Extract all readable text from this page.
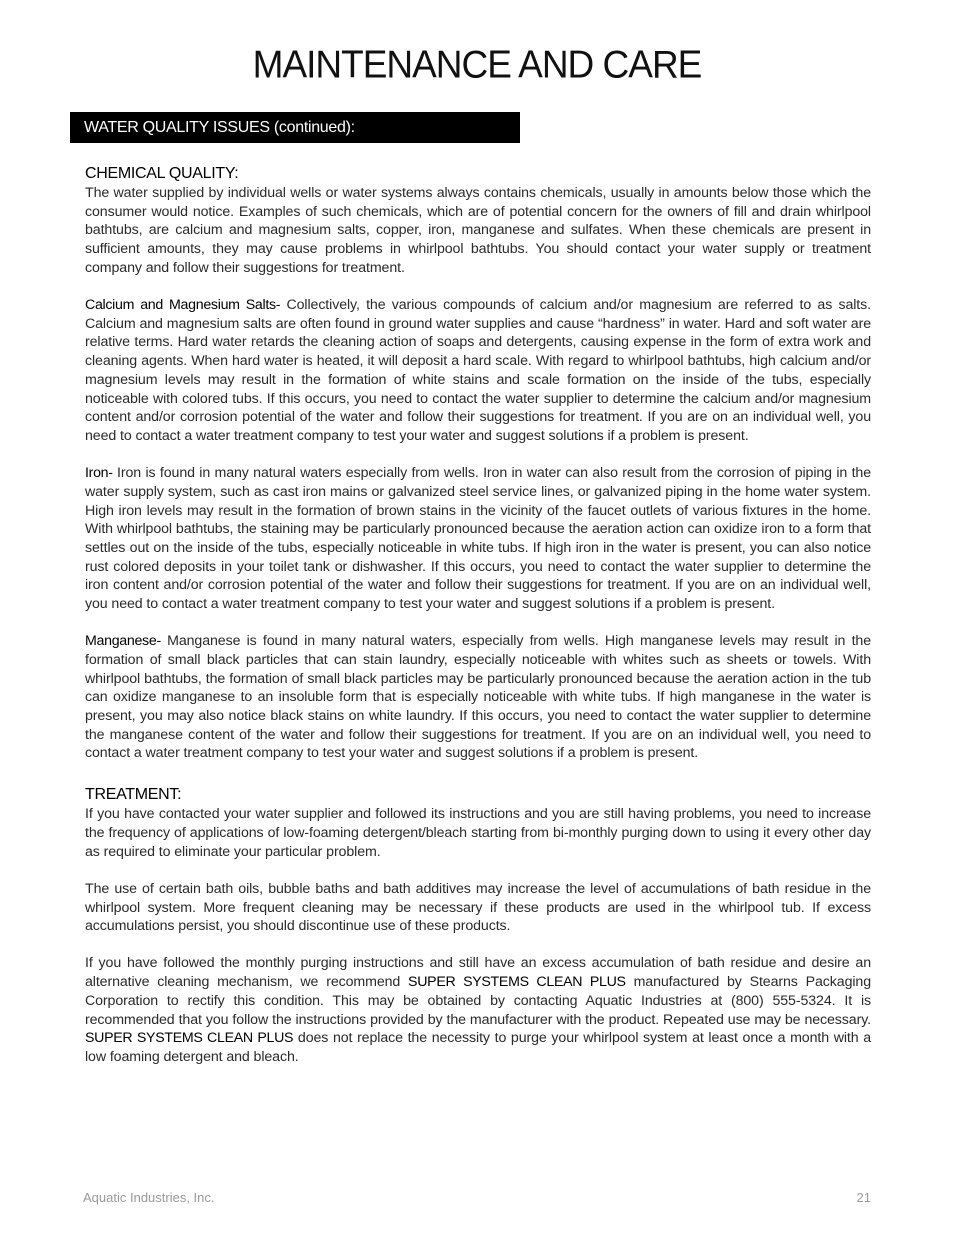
MAINTENANCE AND CARE
WATER QUALITY ISSUES (continued):
CHEMICAL QUALITY:

The water supplied by individual wells or water systems always contains chemicals, usually in amounts below those which the consumer would notice. Examples of such chemicals, which are of potential concern for the owners of fill and drain whirlpool bathtubs, are calcium and magnesium salts, copper, iron, manganese and sulfates. When these chemicals are present in sufficient amounts, they may cause problems in whirlpool bathtubs. You should contact your water supply or treatment company and follow their suggestions for treatment.

Calcium and Magnesium Salts- Collectively, the various compounds of calcium and/or magnesium are referred to as salts. Calcium and magnesium salts are often found in ground water supplies and cause “hardness” in water. Hard and soft water are relative terms. Hard water retards the cleaning action of soaps and detergents, causing expense in the form of extra work and cleaning agents. When hard water is heated, it will deposit a hard scale. With regard to whirlpool bathtubs, high calcium and/or magnesium levels may result in the formation of white stains and scale formation on the inside of the tubs, especially noticeable with colored tubs. If this occurs, you need to contact the water supplier to determine the calcium and/or magnesium content and/or corrosion potential of the water and follow their suggestions for treatment. If you are on an individual well, you need to contact a water treatment company to test your water and suggest solutions if a problem is present.

Iron- Iron is found in many natural waters especially from wells. Iron in water can also result from the corrosion of piping in the water supply system, such as cast iron mains or galvanized steel service lines, or galvanized piping in the home water system. High iron levels may result in the formation of brown stains in the vicinity of the faucet outlets of various fixtures in the home. With whirlpool bathtubs, the staining may be particularly pronounced because the aeration action can oxidize iron to a form that settles out on the inside of the tubs, especially noticeable in white tubs. If high iron in the water is present, you can also notice rust colored deposits in your toilet tank or dishwasher. If this occurs, you need to contact the water supplier to determine the iron content and/or corrosion potential of the water and follow their suggestions for treatment. If you are on an individual well, you need to contact a water treatment company to test your water and suggest solutions if a problem is present.

Manganese- Manganese is found in many natural waters, especially from wells. High manganese levels may result in the formation of small black particles that can stain laundry, especially noticeable with whites such as sheets or towels. With whirlpool bathtubs, the formation of small black particles may be particularly pronounced because the aeration action in the tub can oxidize manganese to an insoluble form that is especially noticeable with white tubs. If high manganese in the water is present, you may also notice black stains on white laundry. If this occurs, you need to contact the water supplier to determine the manganese content of the water and follow their suggestions for treatment. If you are on an individual well, you need to contact a water treatment company to test your water and suggest solutions if a problem is present.

TREATMENT:

If you have contacted your water supplier and followed its instructions and you are still having problems, you need to increase the frequency of applications of low-foaming detergent/bleach starting from bi-monthly purging down to using it every other day as required to eliminate your particular problem.

The use of certain bath oils, bubble baths and bath additives may increase the level of accumulations of bath residue in the whirlpool system. More frequent cleaning may be necessary if these products are used in the whirlpool tub. If excess accumulations persist, you should discontinue use of these products.

If you have followed the monthly purging instructions and still have an excess accumulation of bath residue and desire an alternative cleaning mechanism, we recommend SUPER SYSTEMS CLEAN PLUS manufactured by Stearns Packaging Corporation to rectify this condition. This may be obtained by contacting Aquatic Industries at (800) 555-5324. It is recommended that you follow the instructions provided by the manufacturer with the product. Repeated use may be necessary. SUPER SYSTEMS CLEAN PLUS does not replace the necessity to purge your whirlpool system at least once a month with a low foaming detergent and bleach.

Aquatic Industries, Inc.	21
